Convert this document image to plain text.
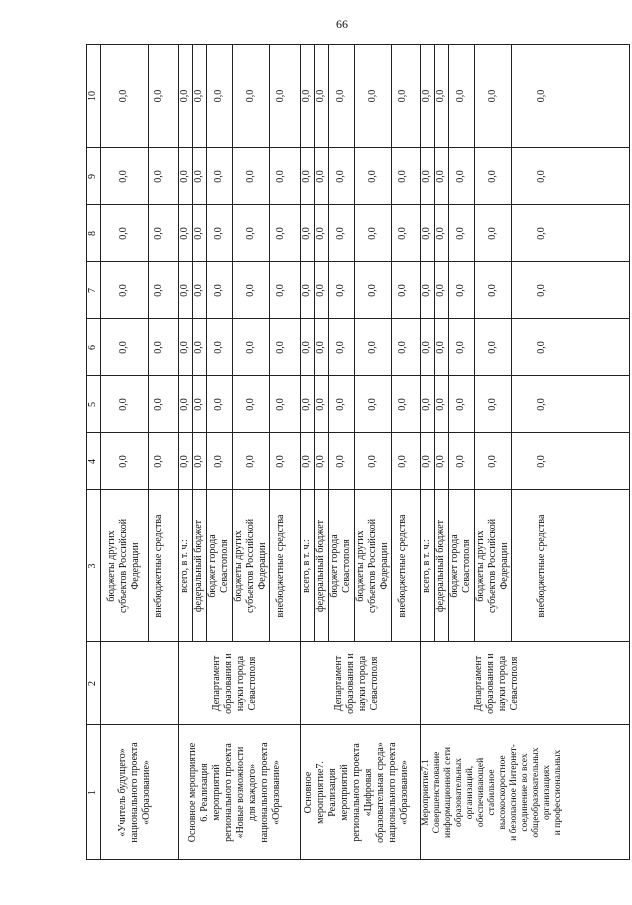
66
1
2
3
4
5
6
7
8
9
10
«Учитель будущего»
национального проекта
«Образование»
бюджеты других
субъектов Российской
Федерации
0,0
0,0
0,0
0,0
0,0
0,0
0,0
внебюджетные средства
0,0
0,0
0,0
0,0
0,0
0,0
0,0
Основное мероприятие
6. Реализация
мероприятий
регионального проекта
«Новые возможности
для каждого»
национального проекта
«Образование»
Департамент
образования и
науки города
Севастополя
всего, в т. ч.:
0,0
0,0
0,0
0,0
0,0
0,0
0,0
федеральный бюджет
0,0
0,0
0,0
0,0
0,0
0,0
0,0
бюджет города
Севастополя
0,0
0,0
0,0
0,0
0,0
0,0
0,0
бюджеты других
субъектов Российской
Федерации
0,0
0,0
0,0
0,0
0,0
0,0
0,0
внебюджетные средства
0,0
0,0
0,0
0,0
0,0
0,0
0,0
Основное
мероприятие7.
Реализация
мероприятий
регионального проекта
«Цифровая
образовательная среда»
национального проекта
«Образование»
Департамент
образования и
науки города
Севастополя
всего, в т. ч.:
0,0
0,0
0,0
0,0
0,0
0,0
0,0
федеральный бюджет
0,0
0,0
0,0
0,0
0,0
0,0
0,0
бюджет города
Севастополя
0,0
0,0
0,0
0,0
0,0
0,0
0,0
бюджеты других
субъектов Российской
Федерации
0,0
0,0
0,0
0,0
0,0
0,0
0,0
внебюджетные средства
0,0
0,0
0,0
0,0
0,0
0,0
0,0
Мероприятие7.1
Совершенствование
информационной сети
образовательных
организаций,
обеспечивающей
стабильное
высокоскоростное
и безопасное Интернет-
соединение во всех
общеобразовательных
организациях
и профессиональных
Департамент
образования и
науки города
Севастополя
всего, в т. ч.:
0,0
0,0
0,0
0,0
0,0
0,0
0,0
федеральный бюджет
0,0
0,0
0,0
0,0
0,0
0,0
0,0
бюджет города
Севастополя
0,0
0,0
0,0
0,0
0,0
0,0
0,0
бюджеты других
субъектов Российской
Федерации
0,0
0,0
0,0
0,0
0,0
0,0
0,0
внебюджетные средства
0,0
0,0
0,0
0,0
0,0
0,0
0,0
